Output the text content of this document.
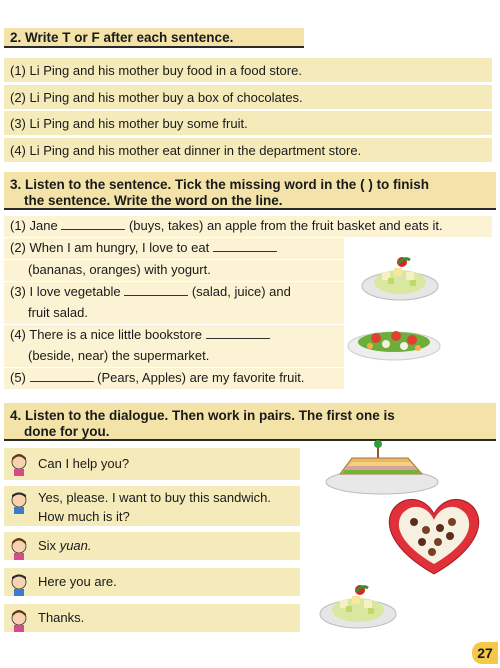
2. Write T or F after each sentence.
(1) Li Ping and his mother buy food in a food store.
(2) Li Ping and his mother buy a box of chocolates.
(3) Li Ping and his mother buy some fruit.
(4) Li Ping and his mother eat dinner in the department store.
3. Listen to the sentence. Tick the missing word in the ( ) to finish
the sentence. Write the word on the line.
(1) Jane	(buys, takes) an apple from the fruit basket and eats it.
(2) When I am hungry, I love to eat
(bananas, oranges) with yogurt.
(3) I love vegetable	(salad, juice) and
fruit salad.
(4) There is a nice little bookstore
(beside, near) the supermarket.
(5)	(Pears, Apples) are my favorite fruit.
4. Listen to the dialogue. Then work in pairs. The first one is
done for you.
Can I help you?
Yes, please. I want to buy this sandwich.
How much is it?
Six yuan.
Here you are.
Thanks.
27
